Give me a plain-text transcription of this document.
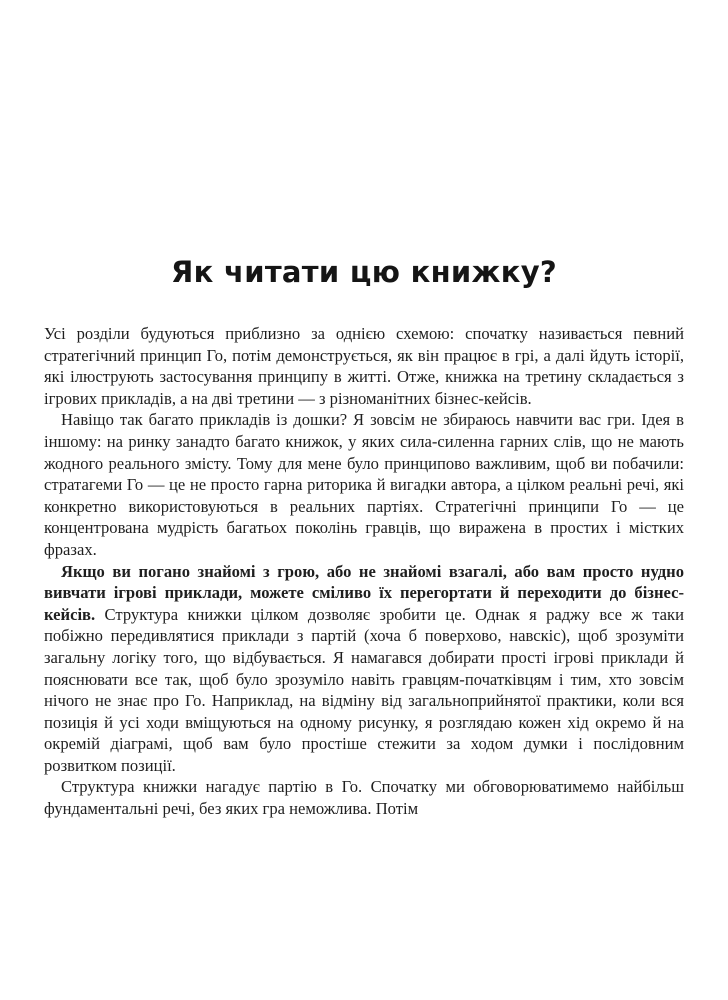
Як читати цю книжку?

Усі розділи будуються приблизно за однією схемою: спочатку називається певний стратегічний принцип Го, потім демонструється, як він працює в грі, а далі йдуть історії, які ілюструють застосування принципу в житті. Отже, книжка на третину складається з ігрових прикладів, а на дві третини — з різноманітних бізнес-кейсів.

Навіщо так багато прикладів із дошки? Я зовсім не збираюсь навчити вас гри. Ідея в іншому: на ринку занадто багато книжок, у яких сила-силенна гарних слів, що не мають жодного реального змісту. Тому для мене було принципово важливим, щоб ви побачили: стратагеми Го — це не просто гарна риторика й вигадки автора, а цілком реальні речі, які конкретно використовуються в реальних партіях. Стратегічні принципи Го — це концентрована мудрість багатьох поколінь гравців, що виражена в простих і містких фразах.

Якщо ви погано знайомі з грою, або не знайомі взагалі, або вам просто нудно вивчати ігрові приклади, можете сміливо їх перегортати й переходити до бізнес-кейсів. Структура книжки цілком дозволяє зробити це. Однак я раджу все ж таки побіжно передивлятися приклади з партій (хоча б поверхово, навскіс), щоб зрозуміти загальну логіку того, що відбувається. Я намагався добирати прості ігрові приклади й пояснювати все так, щоб було зрозуміло навіть гравцям-початківцям і тим, хто зовсім нічого не знає про Го. Наприклад, на відміну від загальноприйнятої практики, коли вся позиція й усі ходи вміщуються на одному рисунку, я розглядаю кожен хід окремо й на окремій діаграмі, щоб вам було простіше стежити за ходом думки і послідовним розвитком позиції.

Структура книжки нагадує партію в Го. Спочатку ми обговорюватимемо найбільш фундаментальні речі, без яких гра неможлива. Потім
